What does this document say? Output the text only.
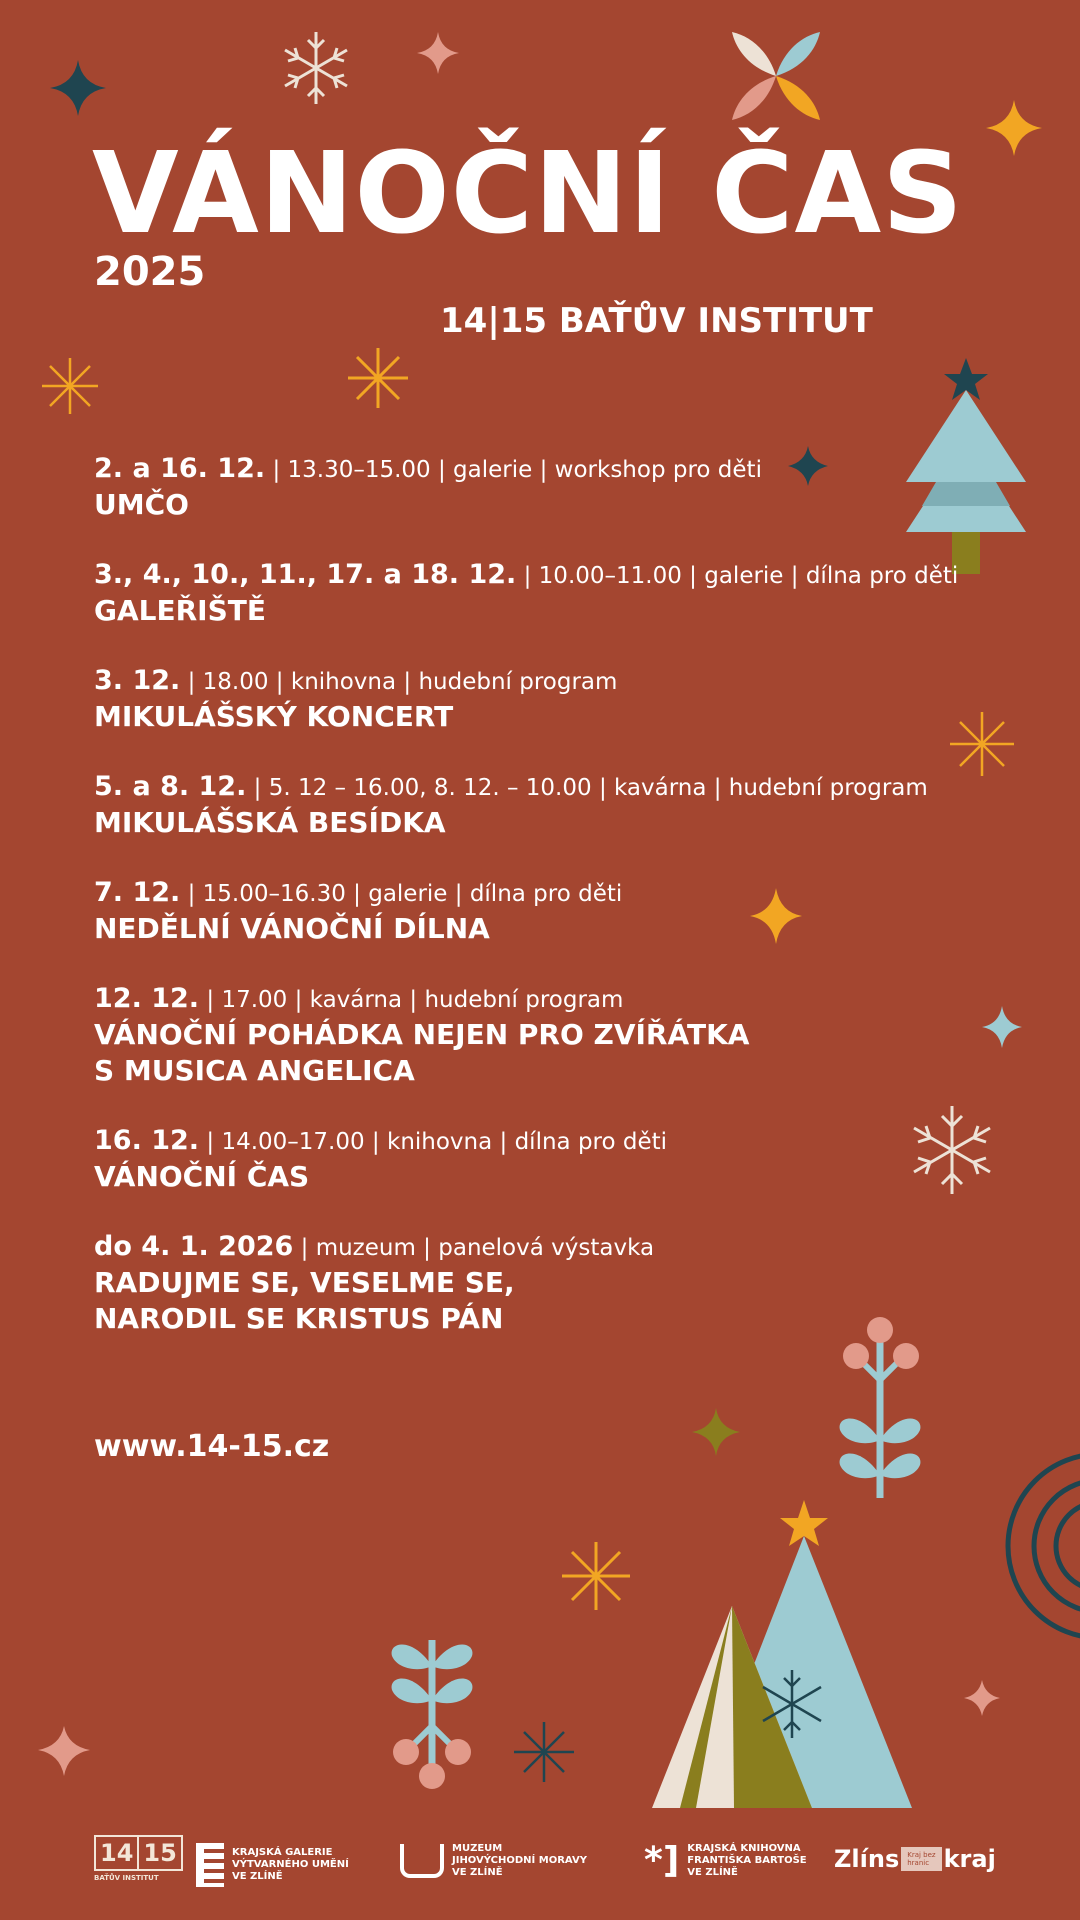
VÁNOČNÍ ČAS
2025
14|15 BAŤŮV INSTITUT
2. a 16. 12. | 13.30–15.00 | galerie | workshop pro děti
UMČO
3., 4., 10., 11., 17. a 18. 12. | 10.00–11.00 | galerie | dílna pro děti
GALEŘIŠTĚ
3. 12. | 18.00 | knihovna | hudební program
MIKULÁŠSKÝ KONCERT
5. a 8. 12. | 5. 12 – 16.00, 8. 12. – 10.00 | kavárna | hudební program
MIKULÁŠSKÁ BESÍDKA
7. 12. | 15.00–16.30 | galerie | dílna pro děti
NEDĚLNÍ VÁNOČNÍ DÍLNA
12. 12. | 17.00 | kavárna | hudební program
VÁNOČNÍ POHÁDKA NEJEN PRO ZVÍŘÁTKA
S MUSICA ANGELICA
16. 12. | 14.00–17.00 | knihovna | dílna pro děti
VÁNOČNÍ ČAS
do 4. 1. 2026 | muzeum | panelová výstavka
RADUJME SE, VESELME SE,
NARODIL SE KRISTUS PÁN
www.14-15.cz
14 15
BAŤŮV INSTITUT
KRAJSKÁ GALERIE
VÝTVARNÉHO UMĚNÍ
VE ZLÍNĚ
MUZEUM
JIHOVÝCHODNÍ MORAVY
VE ZLÍNĚ	*] KRAJSKÁ KNIHOVNA
FRANTIŠKA BARTOŠE
VE ZLÍNĚ	Zlíns	Kraj bez
hranic kraj
